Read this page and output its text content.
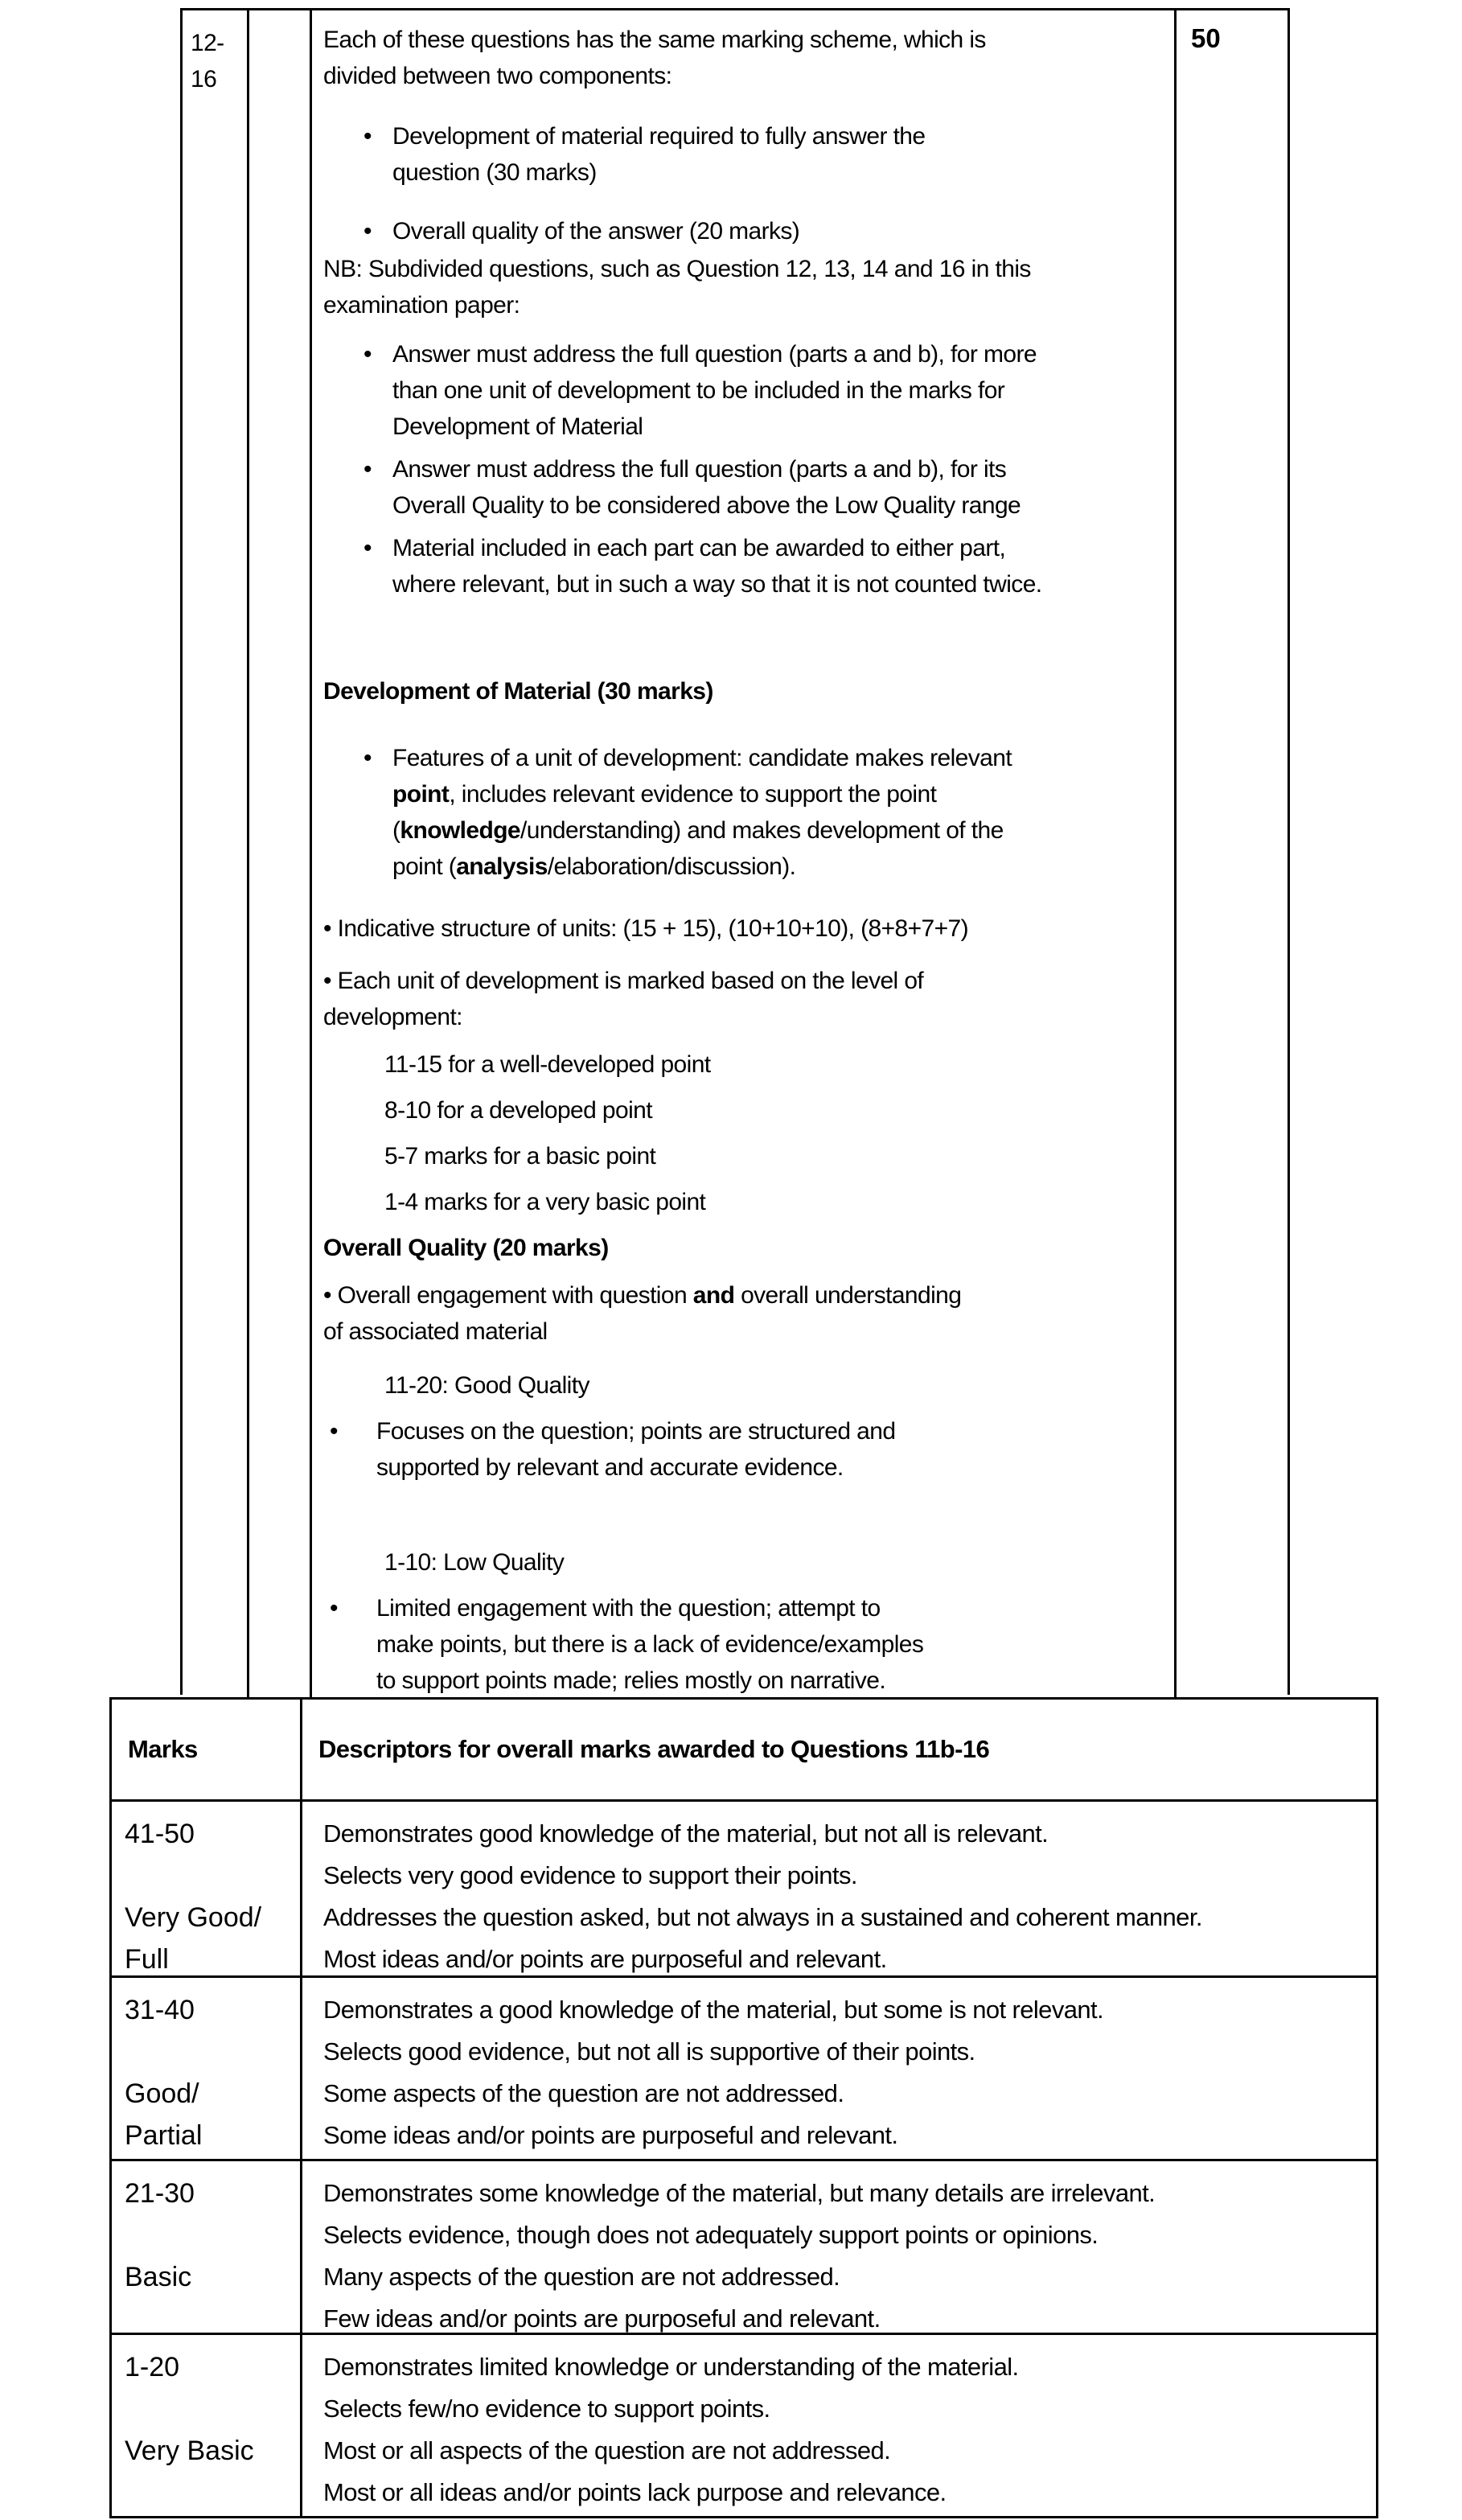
12-
16
Each of these questions has the same marking scheme, which is
divided between two components:
• Development of material required to fully answer the
question (30 marks)
• Overall quality of the answer (20 marks)
NB: Subdivided questions, such as Question 12, 13, 14 and 16 in this
examination paper:
• Answer must address the full question (parts a and b), for more
than one unit of development to be included in the marks for
Development of Material
• Answer must address the full question (parts a and b), for its
Overall Quality to be considered above the Low Quality range
• Material included in each part can be awarded to either part,
where relevant, but in such a way so that it is not counted twice.
Development of Material (30 marks)
• Features of a unit of development: candidate makes relevant
point, includes relevant evidence to support the point
(knowledge/understanding) and makes development of the
point (analysis/elaboration/discussion).
• Indicative structure of units: (15 + 15), (10+10+10), (8+8+7+7)
• Each unit of development is marked based on the level of
development:
11-15 for a well-developed point
8-10 for a developed point
5-7 marks for a basic point
1-4 marks for a very basic point
Overall Quality (20 marks)
• Overall engagement with question and overall understanding
of associated material
11-20: Good Quality
• Focuses on the question; points are structured and
supported by relevant and accurate evidence.
1-10: Low Quality
• Limited engagement with the question; attempt to
make points, but there is a lack of evidence/examples
to support points made; relies mostly on narrative.
50
Marks	Descriptors for overall marks awarded to Questions 11b-16
41-50
Very Good/
Full
Demonstrates good knowledge of the material, but not all is relevant.
Selects very good evidence to support their points.
Addresses the question asked, but not always in a sustained and coherent manner.
Most ideas and/or points are purposeful and relevant.
31-40
Good/
Partial
Demonstrates a good knowledge of the material, but some is not relevant.
Selects good evidence, but not all is supportive of their points.
Some aspects of the question are not addressed.
Some ideas and/or points are purposeful and relevant.
21-30
Basic
Demonstrates some knowledge of the material, but many details are irrelevant.
Selects evidence, though does not adequately support points or opinions.
Many aspects of the question are not addressed.
Few ideas and/or points are purposeful and relevant.
1-20
Very Basic
Demonstrates limited knowledge or understanding of the material.
Selects few/no evidence to support points.
Most or all aspects of the question are not addressed.
Most or all ideas and/or points lack purpose and relevance.
